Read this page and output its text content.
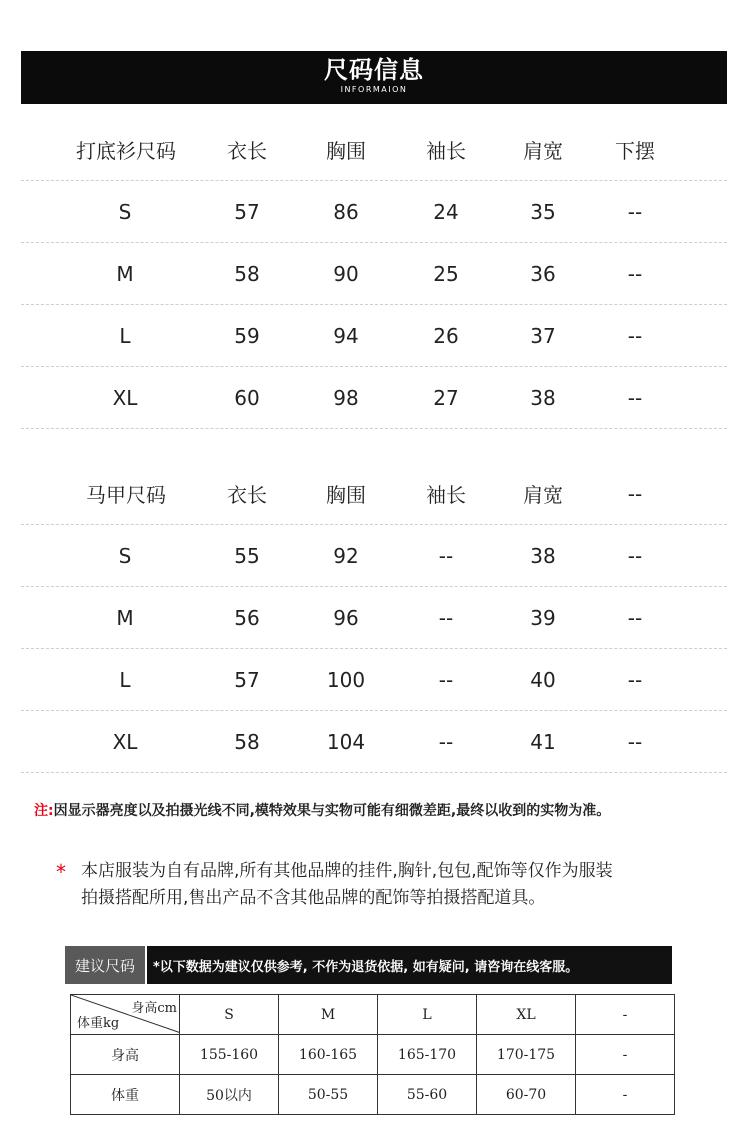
尺码信息
INFORMAION
打底衫尺码	衣长	胸围	袖长	肩宽	下摆
S	57	86	24	35	--
M	58	90	25	36	--
L	59	94	26	37	--
XL	60	98	27	38	--
马甲尺码	衣长	胸围	袖长	肩宽	--
S	55	92	--	38	--
M	56	96	--	39	--
L	57	100	--	40	--
XL	58	104	--	41	--
注:因显示器亮度以及拍摄光线不同,模特效果与实物可能有细微差距,最终以收到的实物为准。
* 本店服装为自有品牌,所有其他品牌的挂件,胸针,包包,配饰等仅作为服装
拍摄搭配所用,售出产品不含其他品牌的配饰等拍摄搭配道具。
建议尺码	*以下数据为建议仅供参考, 不作为退货依据, 如有疑问, 请咨询在线客服。
身高cm
体重kg	S	M	L	XL	-
身高	155-160	160-165	165-170	170-175	-
体重	50以内	50-55	55-60	60-70	-
